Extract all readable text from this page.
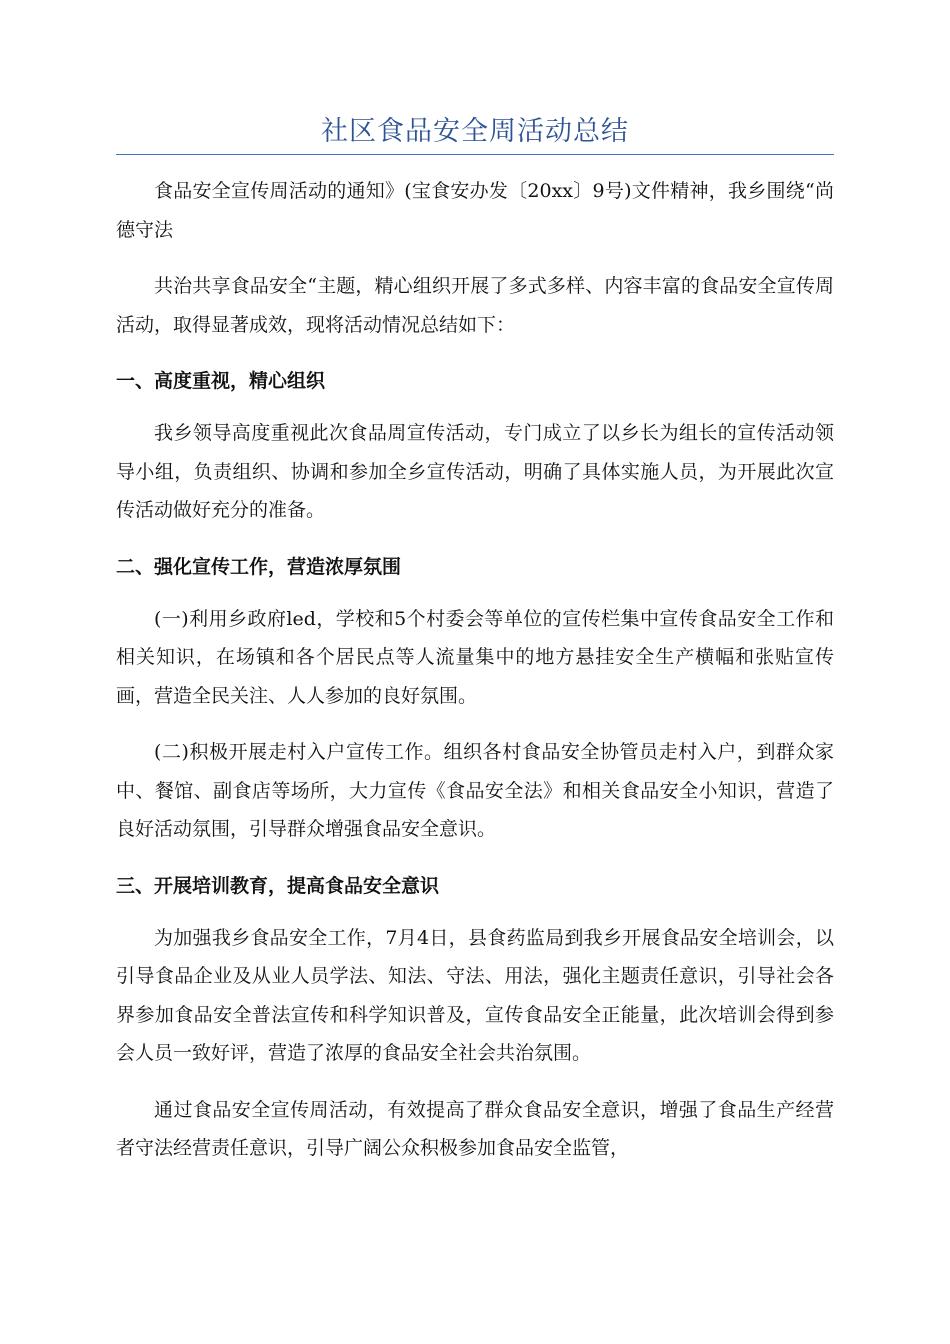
社区食品安全周活动总结

食品安全宣传周活动的通知》(宝食安办发〔20xx〕9号)文件精神，我乡围绕“尚德守法

共治共享食品安全“主题，精心组织开展了多式多样、内容丰富的食品安全宣传周活动，取得显著成效，现将活动情况总结如下：

一、高度重视，精心组织

我乡领导高度重视此次食品周宣传活动，专门成立了以乡长为组长的宣传活动领导小组，负责组织、协调和参加全乡宣传活动，明确了具体实施人员，为开展此次宣传活动做好充分的准备。

二、强化宣传工作，营造浓厚氛围

(一)利用乡政府led，学校和5个村委会等单位的宣传栏集中宣传食品安全工作和相关知识，在场镇和各个居民点等人流量集中的地方悬挂安全生产横幅和张贴宣传画，营造全民关注、人人参加的良好氛围。

(二)积极开展走村入户宣传工作。组织各村食品安全协管员走村入户，到群众家中、餐馆、副食店等场所，大力宣传《食品安全法》和相关食品安全小知识，营造了良好活动氛围，引导群众增强食品安全意识。

三、开展培训教育，提高食品安全意识

为加强我乡食品安全工作，7月4日，县食药监局到我乡开展食品安全培训会，以引导食品企业及从业人员学法、知法、守法、用法，强化主题责任意识，引导社会各界参加食品安全普法宣传和科学知识普及，宣传食品安全正能量，此次培训会得到参会人员一致好评，营造了浓厚的食品安全社会共治氛围。

通过食品安全宣传周活动，有效提高了群众食品安全意识，增强了食品生产经营者守法经营责任意识，引导广阔公众积极参加食品安全监管，
